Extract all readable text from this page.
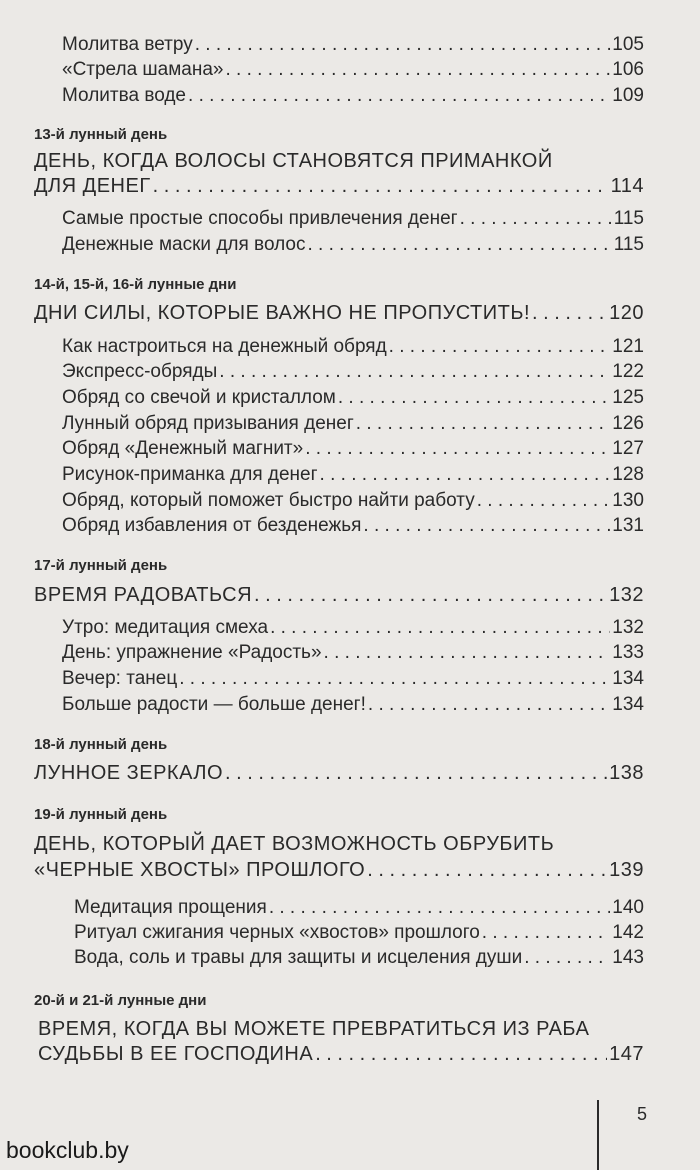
Молитва ветру . . .	105
«Стрела шамана» . . .	106
Молитва воде . . .	109
13-й лунный день
ДЕНЬ, КОГДА ВОЛОСЫ СТАНОВЯТСЯ ПРИМАНКОЙ
ДЛЯ ДЕНЕГ . . .	114
Самые простые способы привлечения денег . . .	115
Денежные маски для волос . . .	115
14-й, 15-й, 16-й лунные дни
ДНИ СИЛЫ, КОТОРЫЕ ВАЖНО НЕ ПРОПУСТИТЬ! . . .	120
Как настроиться на денежный обряд . . .	121
Экспресс-обряды . . .	122
Обряд со свечой и кристаллом . . .	125
Лунный обряд призывания денег . . .	126
Обряд «Денежный магнит» . . .	127
Рисунок-приманка для денег . . .	128
Обряд, который поможет быстро найти работу . . .	130
Обряд избавления от безденежья . . .	131
17-й лунный день
ВРЕМЯ РАДОВАТЬСЯ . . .	132
Утро: медитация смеха . . .	132
День: упражнение «Радость» . . .	133
Вечер: танец . . .	134
Больше радости — больше денег! . . .	134
18-й лунный день
ЛУННОЕ ЗЕРКАЛО . . .	138
19-й лунный день
ДЕНЬ, КОТОРЫЙ ДАЕТ ВОЗМОЖНОСТЬ ОБРУБИТЬ
«ЧЕРНЫЕ ХВОСТЫ» ПРОШЛОГО . . .	139
Медитация прощения . . .	140
Ритуал сжигания черных «хвостов» прошлого . . .	142
Вода, соль и травы для защиты и исцеления души . . .	143
20-й и 21-й лунные дни
ВРЕМЯ, КОГДА ВЫ МОЖЕТЕ ПРЕВРАТИТЬСЯ ИЗ РАБА
СУДЬБЫ В ЕЕ ГОСПОДИНА . . .	147
5
bookclub.by
